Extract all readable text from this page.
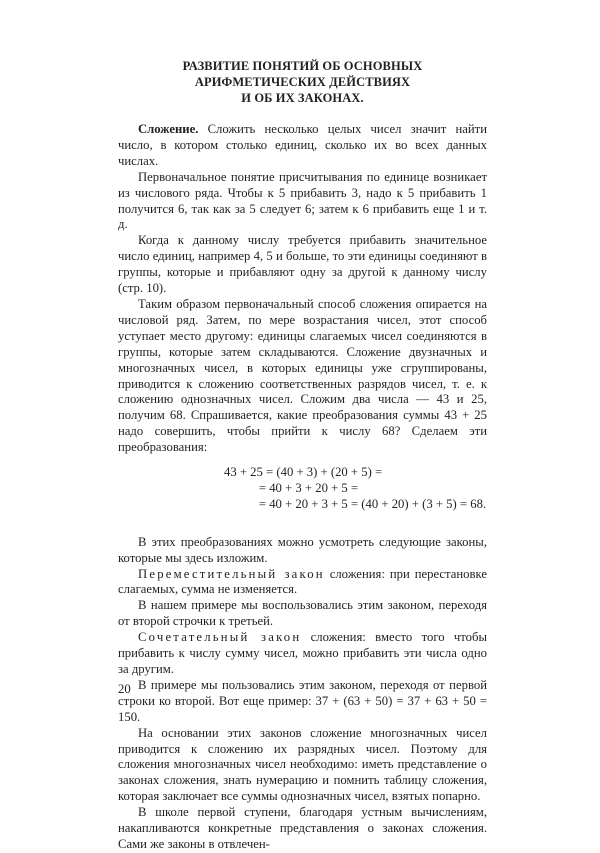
РАЗВИТИЕ ПОНЯТИЙ ОБ ОСНОВНЫХ АРИФМЕТИЧЕСКИХ ДЕЙСТВИЯХ
И ОБ ИХ ЗАКОНАХ.

Сложение. Сложить несколько целых чисел значит найти число, в котором столько единиц, сколько их во всех данных числах.

Первоначальное понятие присчитывания по единице возникает из числового ряда. Чтобы к 5 прибавить 3, надо к 5 прибавить 1 получится 6, так как за 5 следует 6; затем к 6 прибавить еще 1 и т. д.

Когда к данному числу требуется прибавить значительное число единиц, например 4, 5 и больше, то эти единицы соединяют в группы, которые и прибавляют одну за другой к данному числу (стр. 10).

Таким образом первоначальный способ сложения опирается на числовой ряд. Затем, по мере возрастания чисел, этот способ уступает место другому: единицы слагаемых чисел соединяются в группы, которые затем складываются. Сложение двузначных и многозначных чисел, в которых единицы уже сгруппированы, приводится к сложению соответственных разрядов чисел, т. е. к сложению однозначных чисел. Сложим два числа — 43 и 25, получим 68. Спрашивается, какие преобразования суммы 43 + 25 надо совершить, чтобы прийти к числу 68? Сделаем эти преобразования:

43 + 25 = (40 + 3) + (20 + 5) =
= 40 + 3 + 20 + 5 =
= 40 + 20 + 3 + 5 = (40 + 20) + (3 + 5) = 68.

В этих преобразованиях можно усмотреть следующие законы, которые мы здесь изложим.

Переместительный закон сложения: при перестановке слагаемых, сумма не изменяется.

В нашем примере мы воспользовались этим законом, переходя от второй строчки к третьей.

Сочетательный закон сложения: вместо того чтобы прибавить к числу сумму чисел, можно прибавить эти числа одно за другим.

В примере мы пользовались этим законом, переходя от первой строки ко второй. Вот еще пример: 37 + (63 + 50) = 37 + 63 + 50 = 150.

На основании этих законов сложение многозначных чисел приводится к сложению их разрядных чисел. Поэтому для сложения многозначных чисел необходимо: иметь представление о законах сложения, знать нумерацию и помнить таблицу сложения, которая заключает все суммы однозначных чисел, взятых попарно.

В школе первой ступени, благодаря устным вычислениям, накапливаются конкретные представления о законах сложения. Сами же законы в отвлечен-

20
